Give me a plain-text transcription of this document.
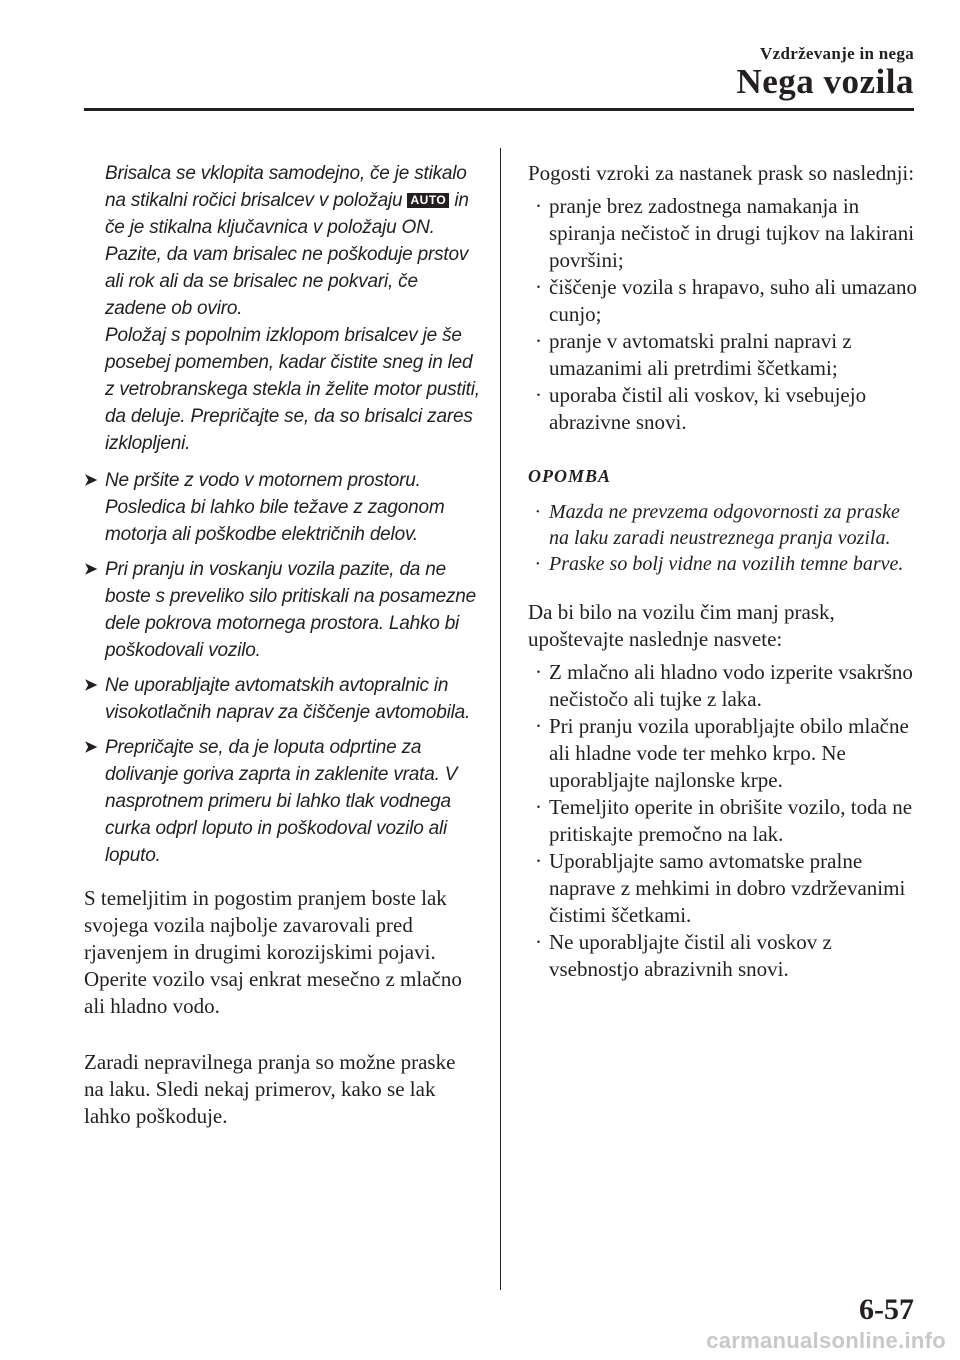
Vzdrževanje in nega
Nega vozila
Brisalca se vklopita samodejno, če je stikalo na stikalni ročici brisalcev v položaju AUTO in če je stikalna ključavnica v položaju ON. Pazite, da vam brisalec ne poškoduje prstov ali rok ali da se brisalec ne pokvari, če zadene ob oviro.
Položaj s popolnim izklopom brisalcev je še posebej pomemben, kadar čistite sneg in led z vetrobranskega stekla in želite motor pustiti, da deluje. Prepričajte se, da so brisalci zares izklopljeni.
➤ Ne pršite z vodo v motornem prostoru. Posledica bi lahko bile težave z zagonom motorja ali poškodbe električnih delov.
➤ Pri pranju in voskanju vozila pazite, da ne boste s preveliko silo pritiskali na posamezne dele pokrova motornega prostora. Lahko bi poškodovali vozilo.
➤ Ne uporabljajte avtomatskih avtopralnic in visokotlačnih naprav za čiščenje avtomobila.
➤ Prepričajte se, da je loputa odprtine za dolivanje goriva zaprta in zaklenite vrata. V nasprotnem primeru bi lahko tlak vodnega curka odprl loputo in poškodoval vozilo ali loputo.
S temeljitim in pogostim pranjem boste lak svojega vozila najbolje zavarovali pred rjavenjem in drugimi korozijskimi pojavi. Operite vozilo vsaj enkrat mesečno z mlačno ali hladno vodo.
Zaradi nepravilnega pranja so možne praske na laku. Sledi nekaj primerov, kako se lak lahko poškoduje.
Pogosti vzroki za nastanek prask so naslednji:
· pranje brez zadostnega namakanja in spiranja nečistoč in drugi tujkov na lakirani površini;
· čiščenje vozila s hrapavo, suho ali umazano cunjo;
· pranje v avtomatski pralni napravi z umazanimi ali pretrdimi ščetkami;
· uporaba čistil ali voskov, ki vsebujejo abrazivne snovi.
OPOMBA
· Mazda ne prevzema odgovornosti za praske na laku zaradi neustreznega pranja vozila.
· Praske so bolj vidne na vozilih temne barve.
Da bi bilo na vozilu čim manj prask, upoštevajte naslednje nasvete:
· Z mlačno ali hladno vodo izperite vsakršno nečistočo ali tujke z laka.
· Pri pranju vozila uporabljajte obilo mlačne ali hladne vode ter mehko krpo. Ne uporabljajte najlonske krpe.
· Temeljito operite in obrišite vozilo, toda ne pritiskajte premočno na lak.
· Uporabljajte samo avtomatske pralne naprave z mehkimi in dobro vzdrževanimi čistimi ščetkami.
· Ne uporabljajte čistil ali voskov z vsebnostjo abrazivnih snovi.
6-57
carmanualsonline.info
